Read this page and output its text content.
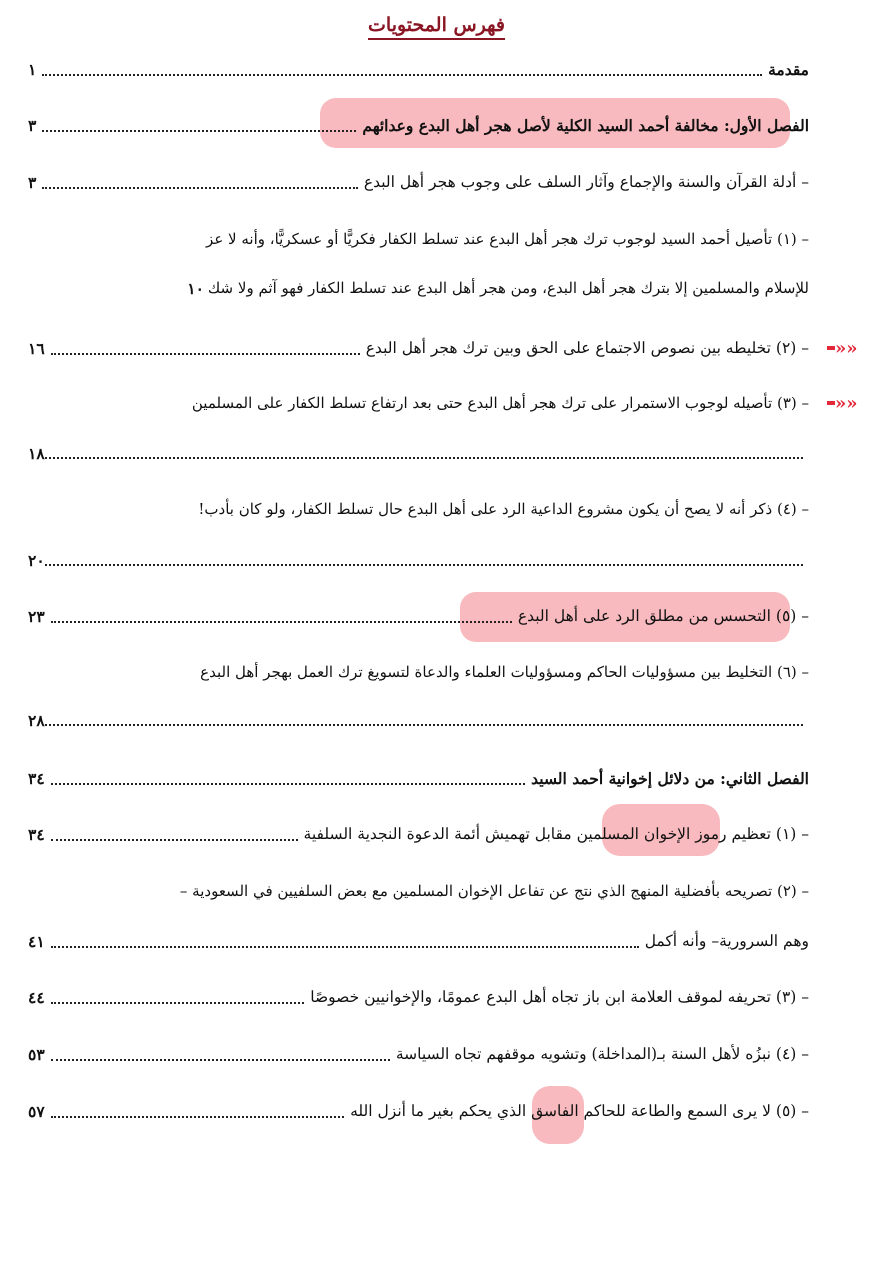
فهرس المحتويات
مقدمة
١
الفصل الأول: مخالفة أحمد السيد الكلية لأصل هجر أهل البدع وعدائهم
٣
– أدلة القرآن والسنة والإجماع وآثار السلف على وجوب هجر أهل البدع
٣
– (١) تأصيل أحمد السيد لوجوب ترك هجر أهل البدع عند تسلط الكفار فكريًّا أو عسكريًّا، وأنه لا عز
للإسلام والمسلمين إلا بترك هجر أهل البدع، ومن هجر أهل البدع عند تسلط الكفار فهو آثم ولا شك
١٠
– (٢) تخليطه بين نصوص الاجتماع على الحق وبين ترك هجر أهل البدع
١٦	«
«
– (٣) تأصيله لوجوب الاستمرار على ترك هجر أهل البدع حتى بعد ارتفاع تسلط الكفار على المسلمين «
«
١٨
– (٤) ذكر أنه لا يصح أن يكون مشروع الداعية الرد على أهل البدع حال تسلط الكفار، ولو كان بأدب!
٢٠
– (٥) التحسس من مطلق الرد على أهل البدع
٢٣
– (٦) التخليط بين مسؤوليات الحاكم ومسؤوليات العلماء والدعاة لتسويغ ترك العمل بهجر أهل البدع
٢٨
الفصل الثاني: من دلائل إخوانية أحمد السيد
٣٤
– (١) تعظيم رموز الإخوان المسلمين مقابل تهميش أئمة الدعوة النجدية السلفية
٣٤
– (٢) تصريحه بأفضلية المنهج الذي نتج عن تفاعل الإخوان المسلمين مع بعض السلفيين في السعودية –
وهم السرورية– وأنه أكمل
٤١
– (٣) تحريفه لموقف العلامة ابن باز تجاه أهل البدع عمومًا، والإخوانيين خصوصًا
٤٤
– (٤) نبزُه لأهل السنة بـ(المداخلة) وتشويه موقفهم تجاه السياسة
٥٣
– (٥) لا يرى السمع والطاعة للحاكم الفاسق الذي يحكم بغير ما أنزل الله
٥٧
